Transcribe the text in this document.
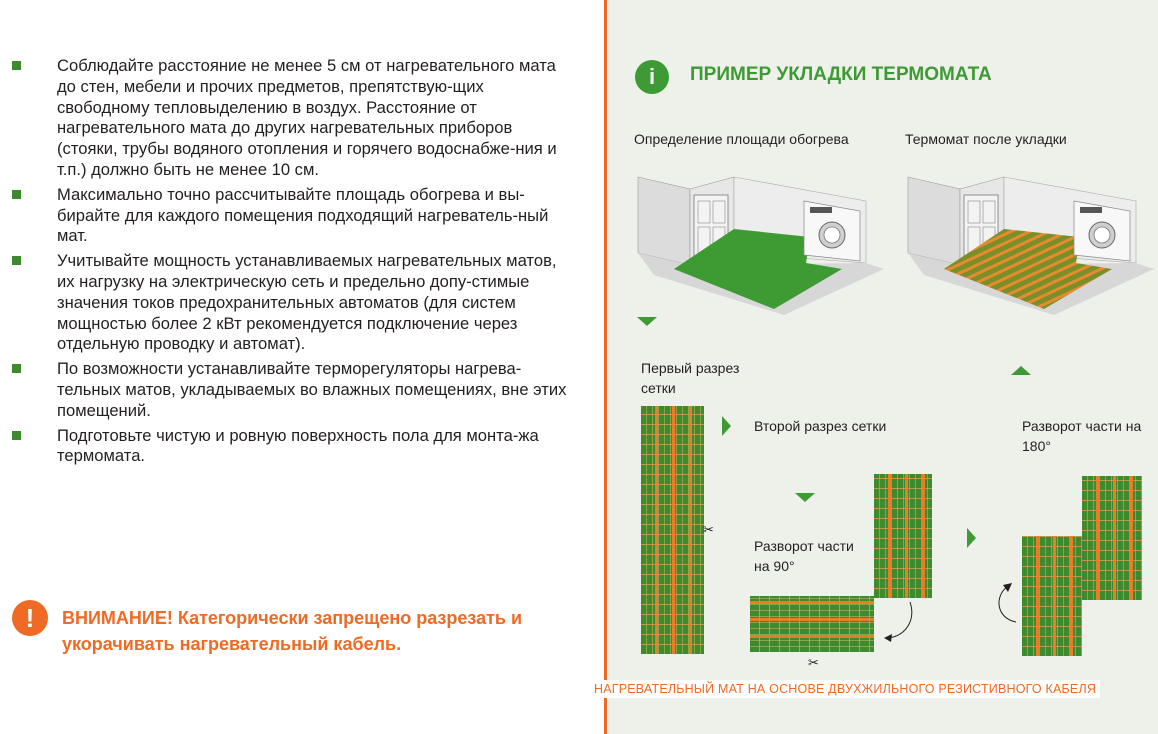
Соблюдайте расстояние не менее 5 см от нагревательного мата до стен, мебели и прочих предметов, препятствую-щих свободному тепловыделению в воздух. Расстояние от нагревательного мата до других нагревательных приборов (стояки, трубы водяного отопления и горячего водоснабже-ния и т.п.) должно быть не менее 10 см.
Максимально точно рассчитывайте площадь обогрева и вы-бирайте для каждого помещения подходящий нагреватель-ный мат.
Учитывайте мощность устанавливаемых нагревательных матов, их нагрузку на электрическую сеть и предельно допу-стимые значения токов предохранительных автоматов (для систем мощностью более 2 кВт рекомендуется подключение через отдельную проводку и автомат).
По возможности устанавливайте терморегуляторы нагрева-тельных матов, укладываемых во влажных помещениях, вне этих помещений.
Подготовьте чистую и ровную поверхность пола для монта-жа термомата.
!	ВНИМАНИЕ! Категорически запрещено разрезать и укорачивать нагревательный кабель.
i	ПРИМЕР УКЛАДКИ ТЕРМОМАТА
Определение площади обогрева	Термомат после укладки
Первый разрез сетки
✂
Второй разрез сетки
Разворот части на 90°
✂
Разворот части на 180°
НАГРЕВАТЕЛЬНЫЙ МАТ НА ОСНОВЕ ДВУХЖИЛЬНОГО РЕЗИСТИВНОГО КАБЕЛЯ
